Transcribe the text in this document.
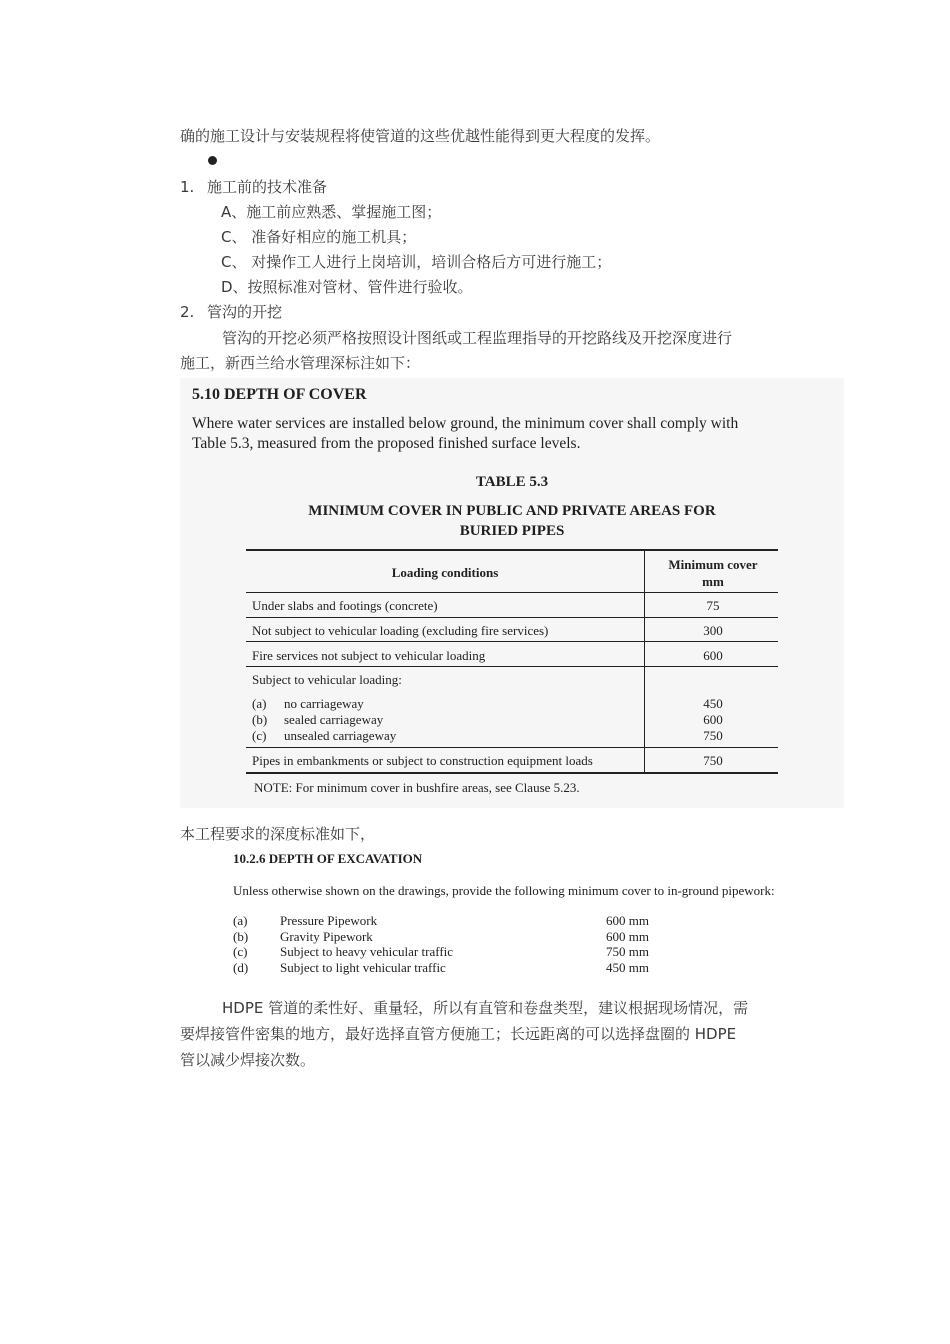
确的施工设计与安装规程将使管道的这些优越性能得到更大程度的发挥。
1. 施工前的技术准备
A、施工前应熟悉、掌握施工图；
C、 准备好相应的施工机具；
C、 对操作工人进行上岗培训，培训合格后方可进行施工；
D、按照标准对管材、管件进行验收。
2. 管沟的开挖
管沟的开挖必须严格按照设计图纸或工程监理指导的开挖路线及开挖深度进行
施工，新西兰给水管理深标注如下：
5.10 DEPTH OF COVER
Where water services are installed below ground, the minimum cover shall comply with
Table 5.3, measured from the proposed finished surface levels.
TABLE 5.3
MINIMUM COVER IN PUBLIC AND PRIVATE AREAS FOR
BURIED PIPES
Loading conditions
Minimum cover
mm
Under slabs and footings (concrete)	75
Not subject to vehicular loading (excluding fire services)	300
Fire services not subject to vehicular loading	600
Subject to vehicular loading:
(a) no carriageway	450
(b) sealed carriageway	600
(c) unsealed carriageway	750
Pipes in embankments or subject to construction equipment loads	750
NOTE: For minimum cover in bushfire areas, see Clause 5.23.
本工程要求的深度标准如下，
10.2.6 DEPTH OF EXCAVATION
Unless otherwise shown on the drawings, provide the following minimum cover to in-ground pipework:
(a)	Pressure Pipework	600 mm
(b) Gravity Pipework	600 mm
(c)	Subject to heavy vehicular traffic	750 mm
(d) Subject to light vehicular traffic	450 mm
HDPE 管道的柔性好、重量轻，所以有直管和卷盘类型，建议根据现场情况，需
要焊接管件密集的地方，最好选择直管方便施工；长远距离的可以选择盘圈的 HDPE
管以减少焊接次数。
